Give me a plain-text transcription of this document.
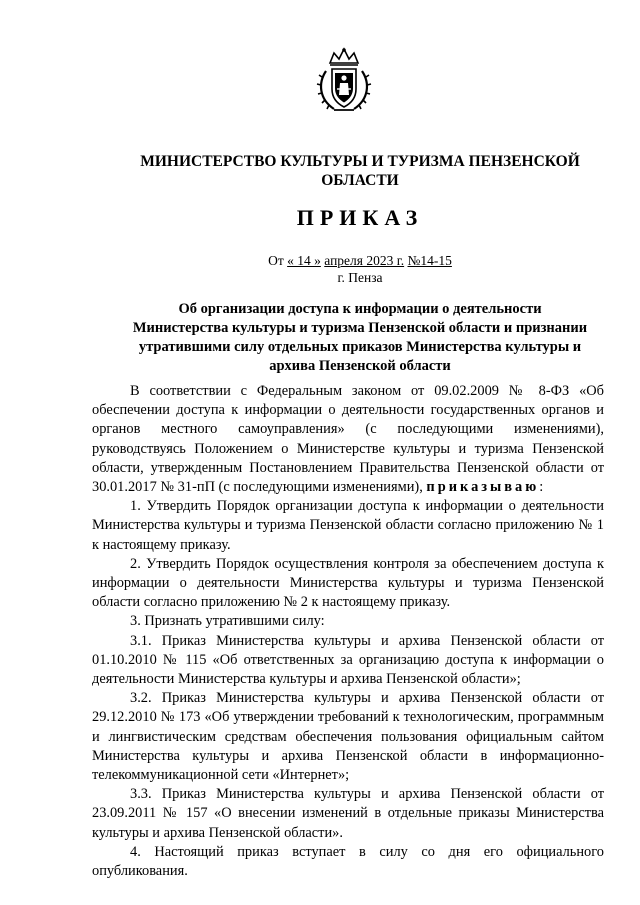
МИНИСТЕРСТВО КУЛЬТУРЫ И ТУРИЗМА ПЕНЗЕНСКОЙ
ОБЛАСТИ
ПРИКАЗ
От « 14 » апреля 2023 г. №14-15
г. Пенза
Об организации доступа к информации о деятельности
Министерства культуры и туризма Пензенской области и признании
утратившими силу отдельных приказов Министерства культуры и
архива Пензенской области

В соответствии с Федеральным законом от 09.02.2009 № 8-ФЗ «Об обеспечении доступа к информации о деятельности государственных органов и органов местного самоуправления» (с последующими изменениями), руководствуясь Положением о Министерстве культуры и туризма Пензенской области, утвержденным Постановлением Правительства Пензенской области от 30.01.2017 № 31-пП (с последующими изменениями), приказываю:

1. Утвердить Порядок организации доступа к информации о деятельности Министерства культуры и туризма Пензенской области согласно приложению № 1 к настоящему приказу.

2. Утвердить Порядок осуществления контроля за обеспечением доступа к информации о деятельности Министерства культуры и туризма Пензенской области согласно приложению № 2 к настоящему приказу.

3. Признать утратившими силу:

3.1. Приказ Министерства культуры и архива Пензенской области от 01.10.2010 № 115 «Об ответственных за организацию доступа к информации о деятельности Министерства культуры и архива Пензенской области»;

3.2. Приказ Министерства культуры и архива Пензенской области от 29.12.2010 № 173 «Об утверждении требований к технологическим, программным и лингвистическим средствам обеспечения пользования официальным сайтом Министерства культуры и архива Пензенской области в информационно-телекоммуникационной сети «Интернет»;

3.3. Приказ Министерства культуры и архива Пензенской области от 23.09.2011 № 157 «О внесении изменений в отдельные приказы Министерства культуры и архива Пензенской области».

4. Настоящий приказ вступает в силу со дня его официального опубликования.
